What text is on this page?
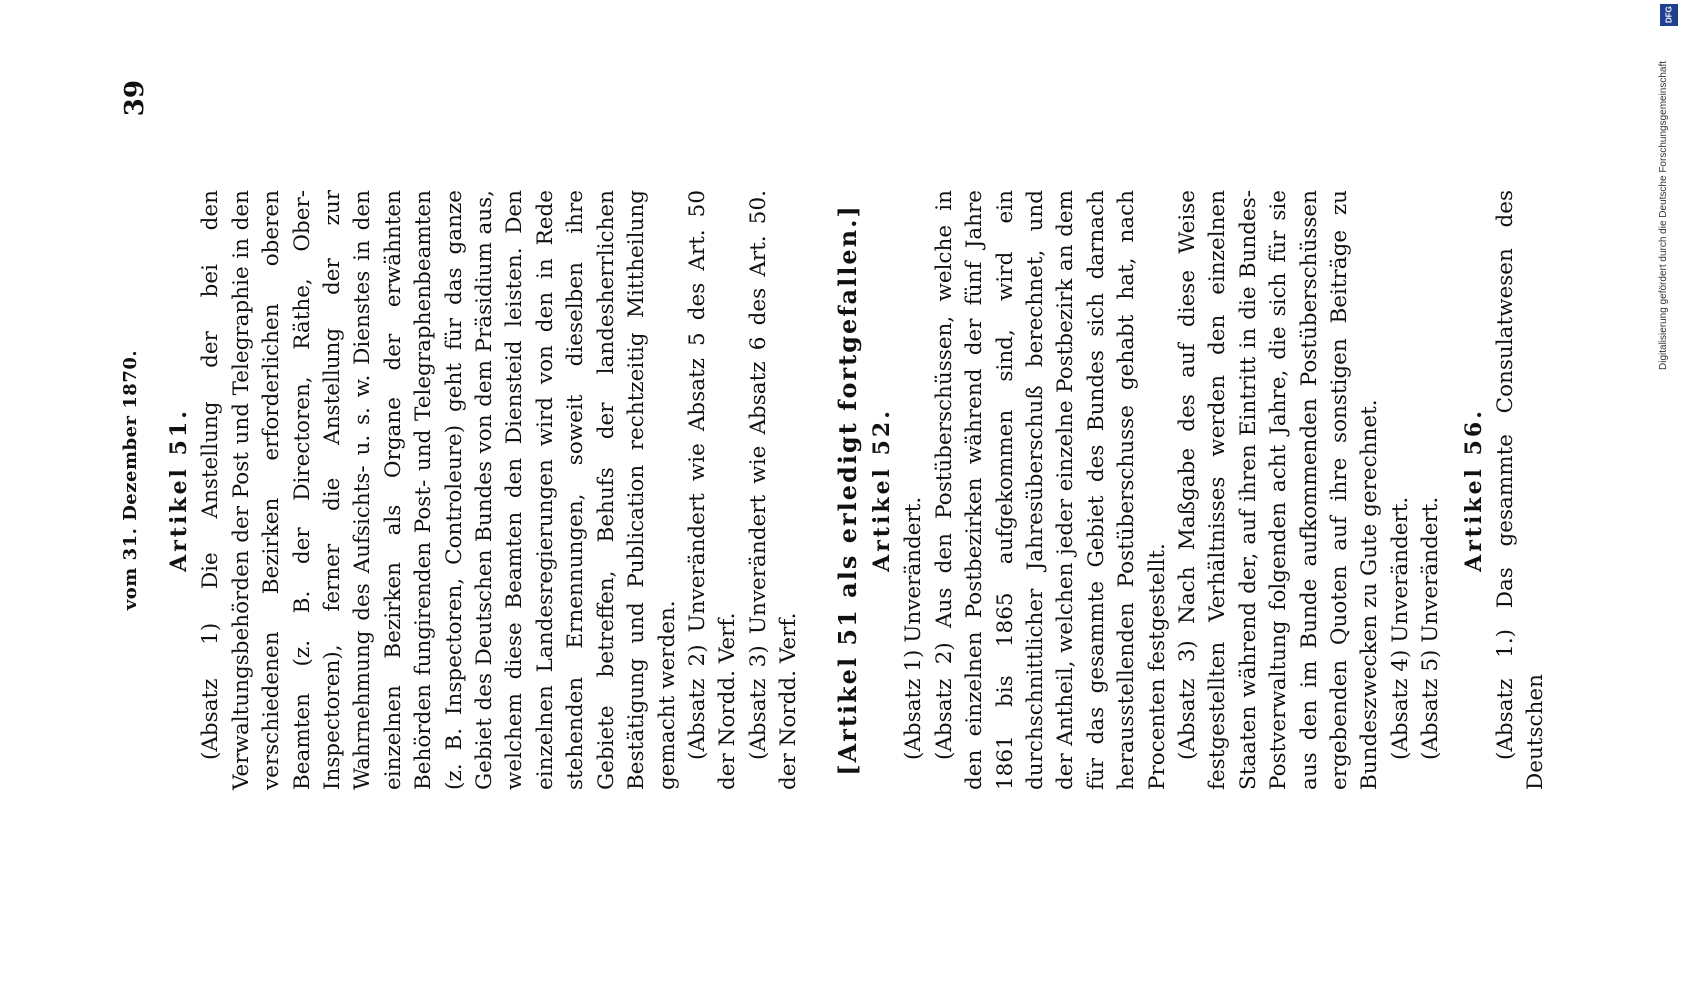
vom 31. Dezember 1870.
39
Artikel 51. (Absatz 1) Die Anstellung der bei den Verwaltungsbehörden der Post und Telegraphie in den verschiedenen Bezirken erforderlichen oberen Beamten (z. B. der Directoren, Räthe, Ober-Inspectoren), ferner die Anstellung der zur Wahrnehmung des Aufsichts- u. s. w. Dienstes in den einzelnen Bezirken als Organe der erwähnten Behörden fungirenden Post- und Telegraphenbeamten (z. B. Inspectoren, Controleure) geht für das ganze Gebiet des Deutschen Bundes von dem Präsidium aus, welchem diese Beamten den Diensteid leisten. Den einzelnen Landesregierungen wird von den in Rede stehenden Ernennungen, soweit dieselben ihre Gebiete betreffen, Behufs der landesherrlichen Bestätigung und Publication rechtzeitig Mittheilung gemacht werden. (Absatz 2) Unverändert wie Absatz 5 des Art. 50 der Nordd. Verf. (Absatz 3) Unverändert wie Absatz 6 des Art. 50. der Nordd. Verf. [Artikel 51 als erledigt fortgefallen.]
Artikel 52.

(Absatz 1) Unverändert. (Absatz 2) Aus den Postüberschüssen, welche in den einzelnen Postbezirken während der fünf Jahre 1861 bis 1865 aufgekommen sind, wird ein durchschnittlicher Jahresüberschuß berechnet, und der Antheil, welchen jeder einzelne Postbezirk an dem für das gesammte Gebiet des Bundes sich darnach herausstellenden Postüberschusse gehabt hat, nach Procenten festgestellt. (Absatz 3) Nach Maßgabe des auf diese Weise festgestellten Verhältnisses werden den einzelnen Staaten während der, auf ihren Eintritt in die Bundes-Postverwaltung folgenden acht Jahre, die sich für sie aus den im Bunde aufkommenden Postüberschüssen ergebenden Quoten auf ihre sonstigen Beiträge zu Bundeszwecken zu Gute gerechnet. (Absatz 4) Unverändert. (Absatz 5) Unverändert.

Artikel 56. (Absatz 1.) Das gesammte Consulatwesen des Deutschen

DFG
Digitalisierung gefördert durch die Deutsche Forschungsgemeinschaft
